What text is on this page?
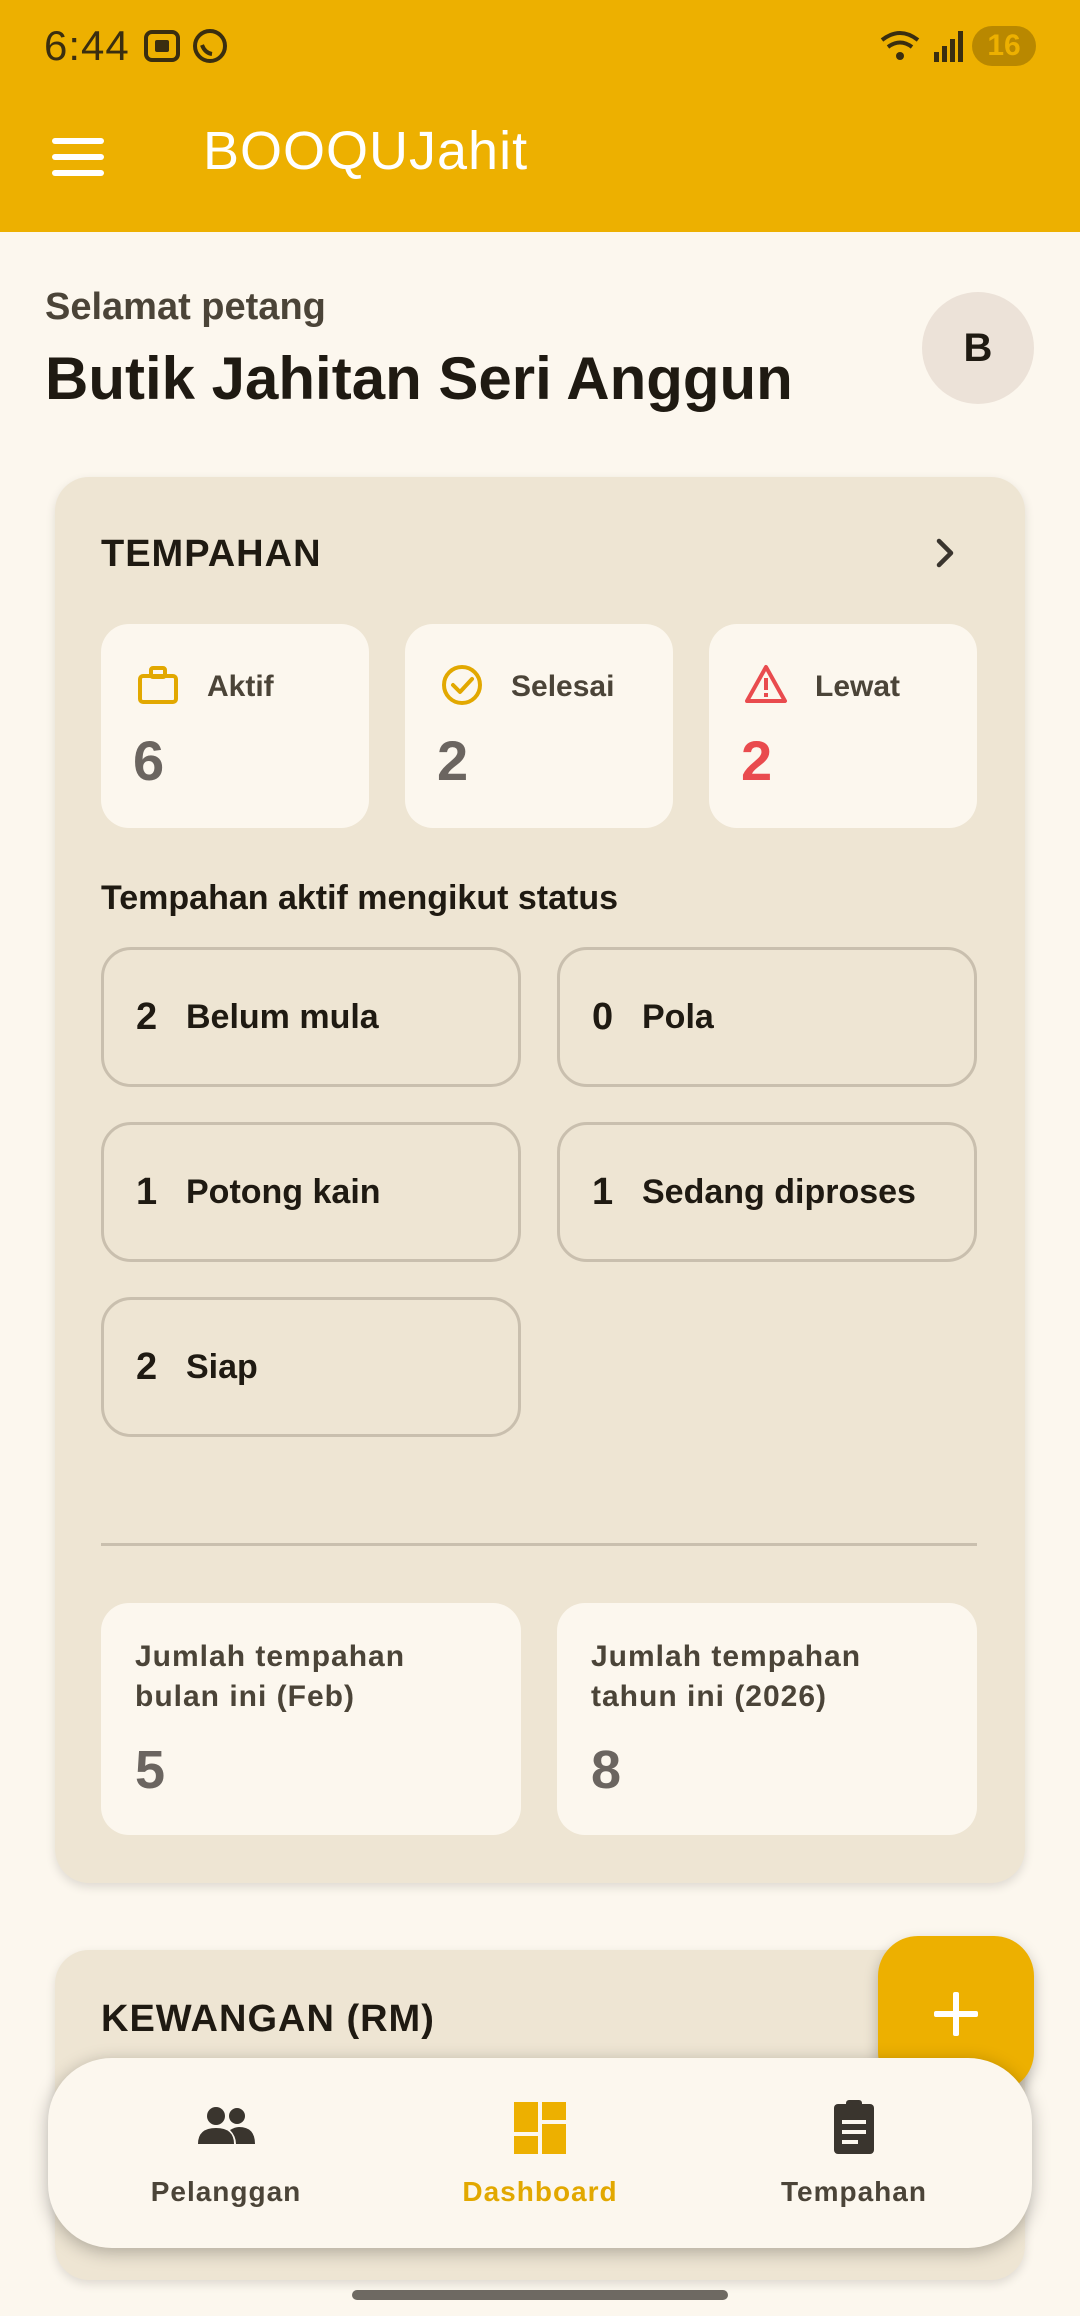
6:44	16
BOOQUJahit
Selamat petang
Butik Jahitan Seri Anggun	B
TEMPAHAN
Aktif
6
Selesai
2
Lewat
2
Tempahan aktif mengikut status
2 Belum mula	0 Pola
1 Potong kain	1 Sedang diproses
2 Siap
Jumlah tempahan bulan ini (Feb)
5
Jumlah tempahan tahun ini (2026)
8
KEWANGAN (RM)
Pelanggan	Dashboard	Tempahan
